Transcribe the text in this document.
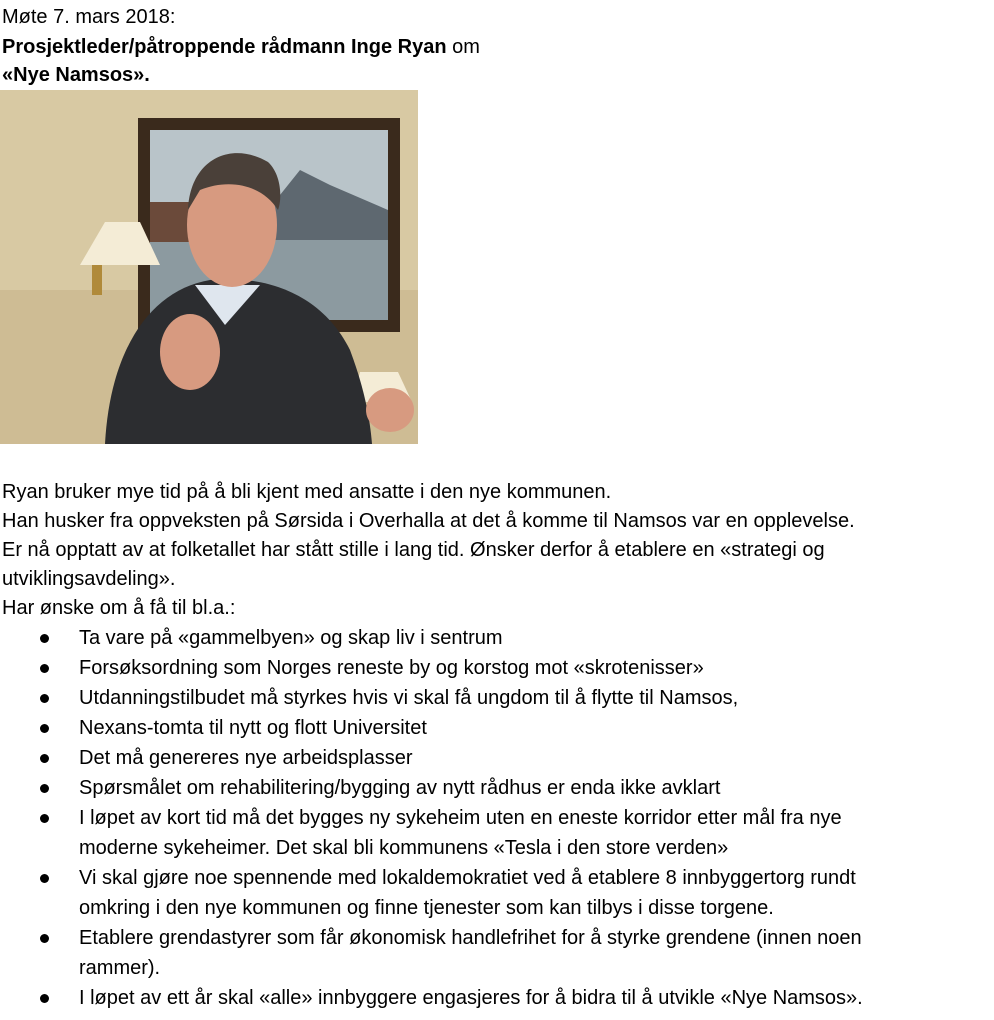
Møte 7. mars 2018:
Prosjektleder/påtroppende rådmann Inge Ryan om
«Nye Namsos».
Ryan bruker mye tid på å bli kjent med ansatte i den nye kommunen.
Han husker fra oppveksten på Sørsida i Overhalla at det å komme til Namsos var en opplevelse.
Er nå opptatt av at folketallet har stått stille i lang tid. Ønsker derfor å etablere en «strategi og
utviklingsavdeling».
Har ønske om å få til bl.a.:
Ta vare på «gammelbyen» og skap liv i sentrum
Forsøksordning som Norges reneste by og korstog mot «skrotenisser»
Utdanningstilbudet må styrkes hvis vi skal få ungdom til å flytte til Namsos,
Nexans-tomta til nytt og flott Universitet
Det må genereres nye arbeidsplasser
Spørsmålet om rehabilitering/bygging av nytt rådhus er enda ikke avklart
I løpet av kort tid må det bygges ny sykeheim uten en eneste korridor etter mål fra nye
moderne sykeheimer. Det skal bli kommunens «Tesla i den store verden»
Vi skal gjøre noe spennende med lokaldemokratiet ved å etablere 8 innbyggertorg rundt
omkring i den nye kommunen og finne tjenester som kan tilbys i disse torgene.
Etablere grendastyrer som får økonomisk handlefrihet for å styrke grendene (innen noen
rammer).
I løpet av ett år skal «alle» innbyggere engasjeres for å bidra til å utvikle «Nye Namsos».
